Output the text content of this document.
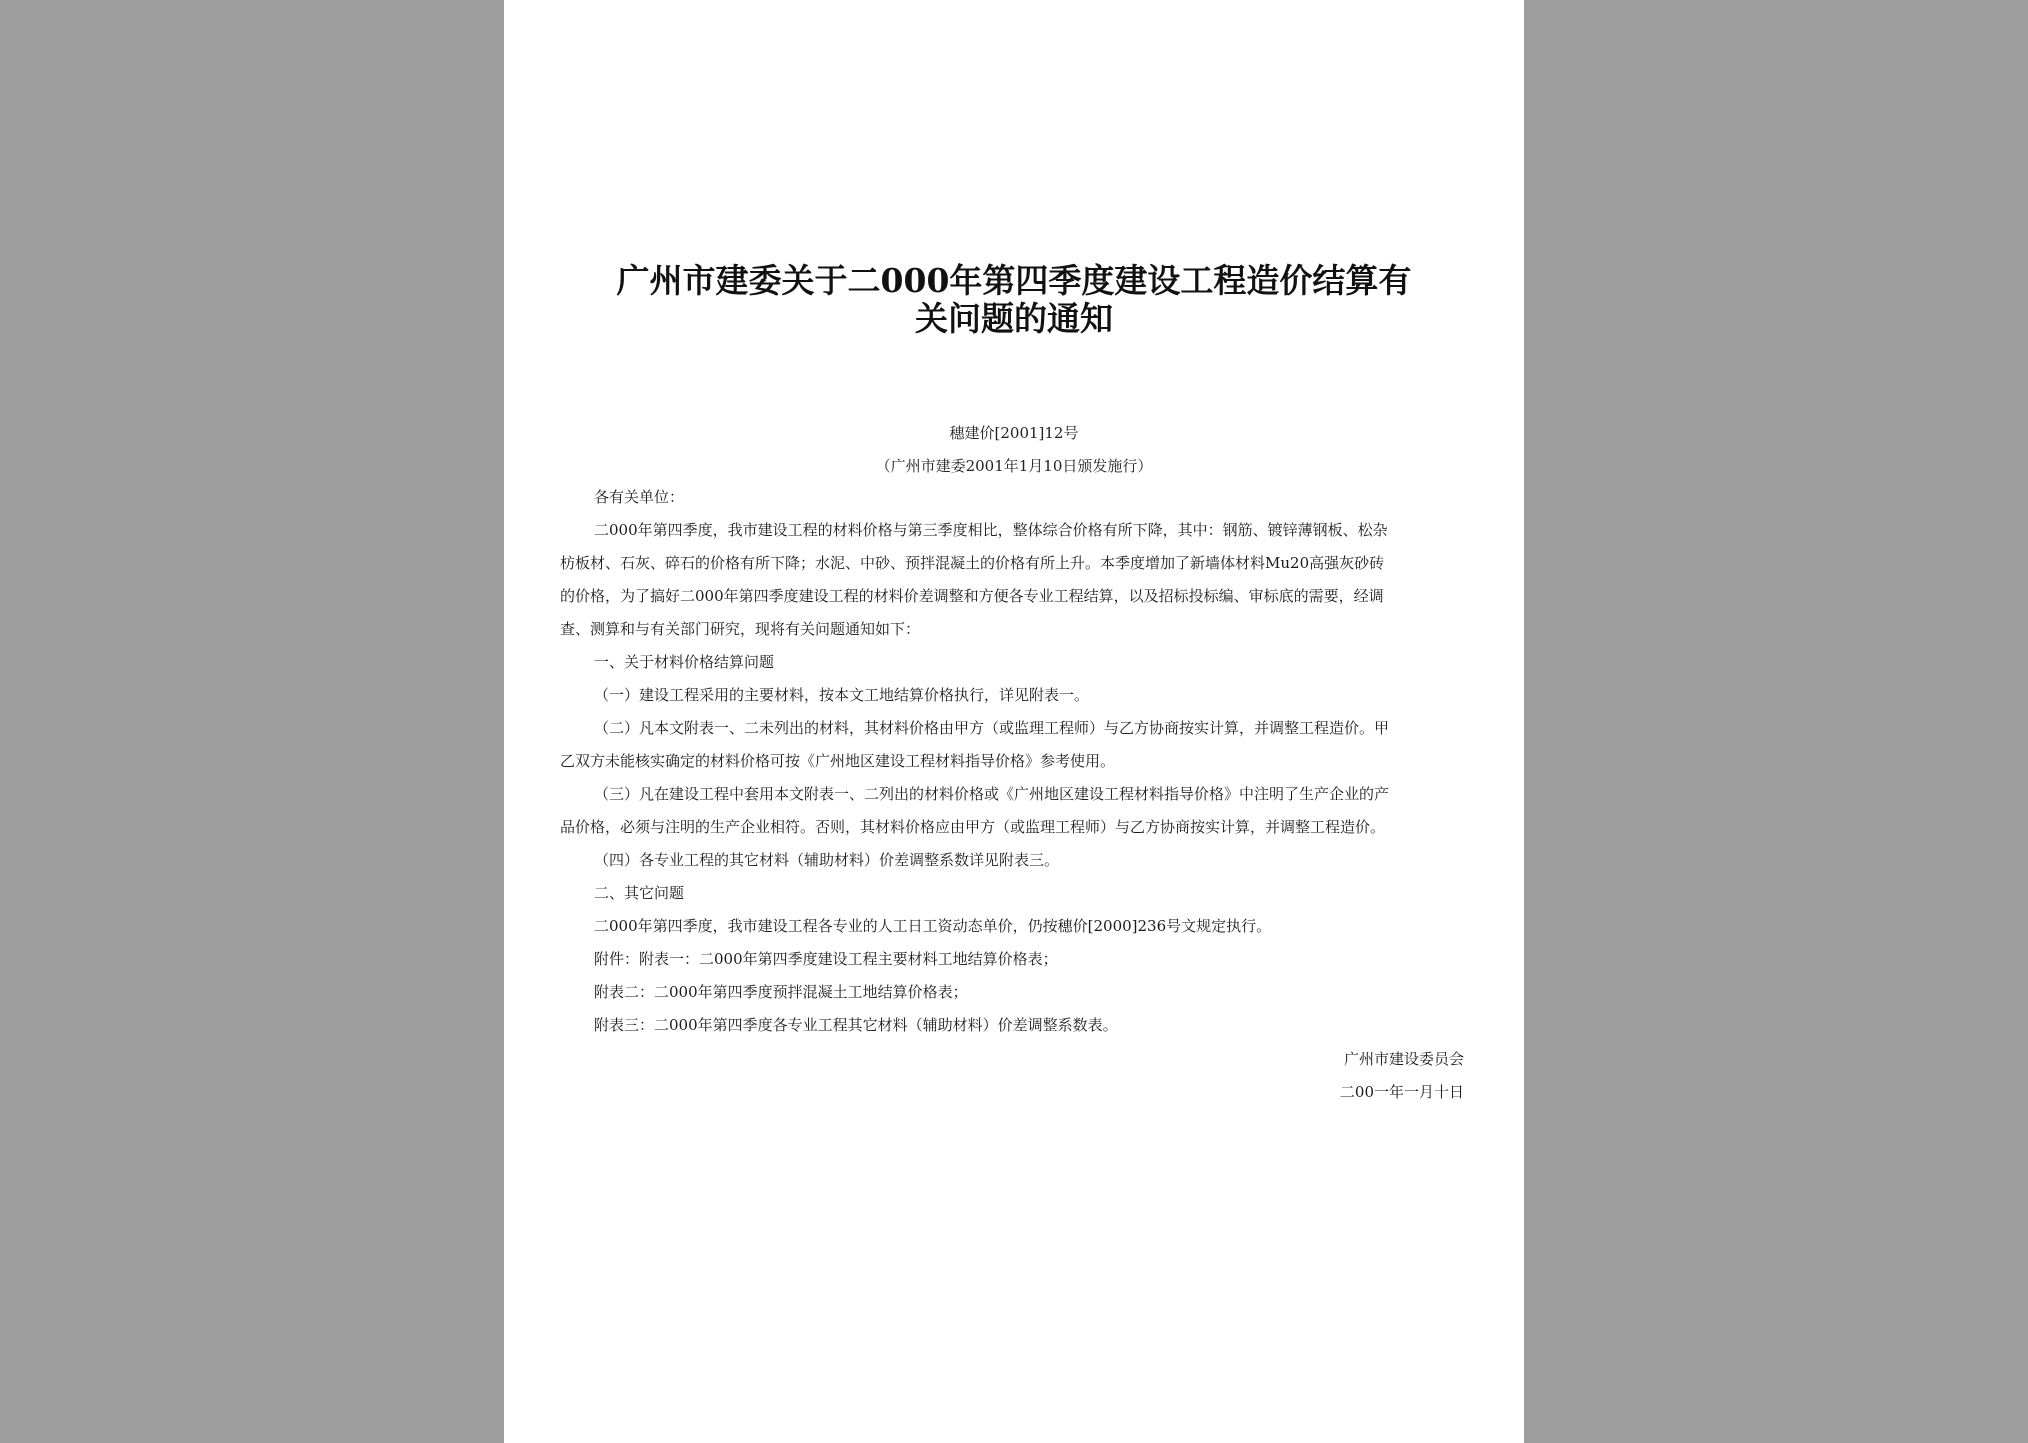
广州市建委关于二000年第四季度建设工程造价结算有
关问题的通知
穗建价[2001]12号
（广州市建委2001年1月10日颁发施行）
各有关单位：
二000年第四季度，我市建设工程的材料价格与第三季度相比，整体综合价格有所下降，其中：钢筋、镀锌薄钢板、松杂
枋板材、石灰、碎石的价格有所下降；水泥、中砂、预拌混凝土的价格有所上升。本季度增加了新墙体材料Mu20高强灰砂砖
的价格，为了搞好二000年第四季度建设工程的材料价差调整和方便各专业工程结算，以及招标投标编、审标底的需要，经调
查、测算和与有关部门研究，现将有关问题通知如下：
一、关于材料价格结算问题
（一）建设工程采用的主要材料，按本文工地结算价格执行，详见附表一。
（二）凡本文附表一、二未列出的材料，其材料价格由甲方（或监理工程师）与乙方协商按实计算，并调整工程造价。甲
乙双方未能核实确定的材料价格可按《广州地区建设工程材料指导价格》参考使用。
（三）凡在建设工程中套用本文附表一、二列出的材料价格或《广州地区建设工程材料指导价格》中注明了生产企业的产
品价格，必须与注明的生产企业相符。否则，其材料价格应由甲方（或监理工程师）与乙方协商按实计算，并调整工程造价。
（四）各专业工程的其它材料（辅助材料）价差调整系数详见附表三。
二、其它问题
二000年第四季度，我市建设工程各专业的人工日工资动态单价，仍按穗价[2000]236号文规定执行。
附件：附表一：二000年第四季度建设工程主要材料工地结算价格表；
附表二：二000年第四季度预拌混凝土工地结算价格表；
附表三：二000年第四季度各专业工程其它材料（辅助材料）价差调整系数表。
广州市建设委员会
二00一年一月十日
